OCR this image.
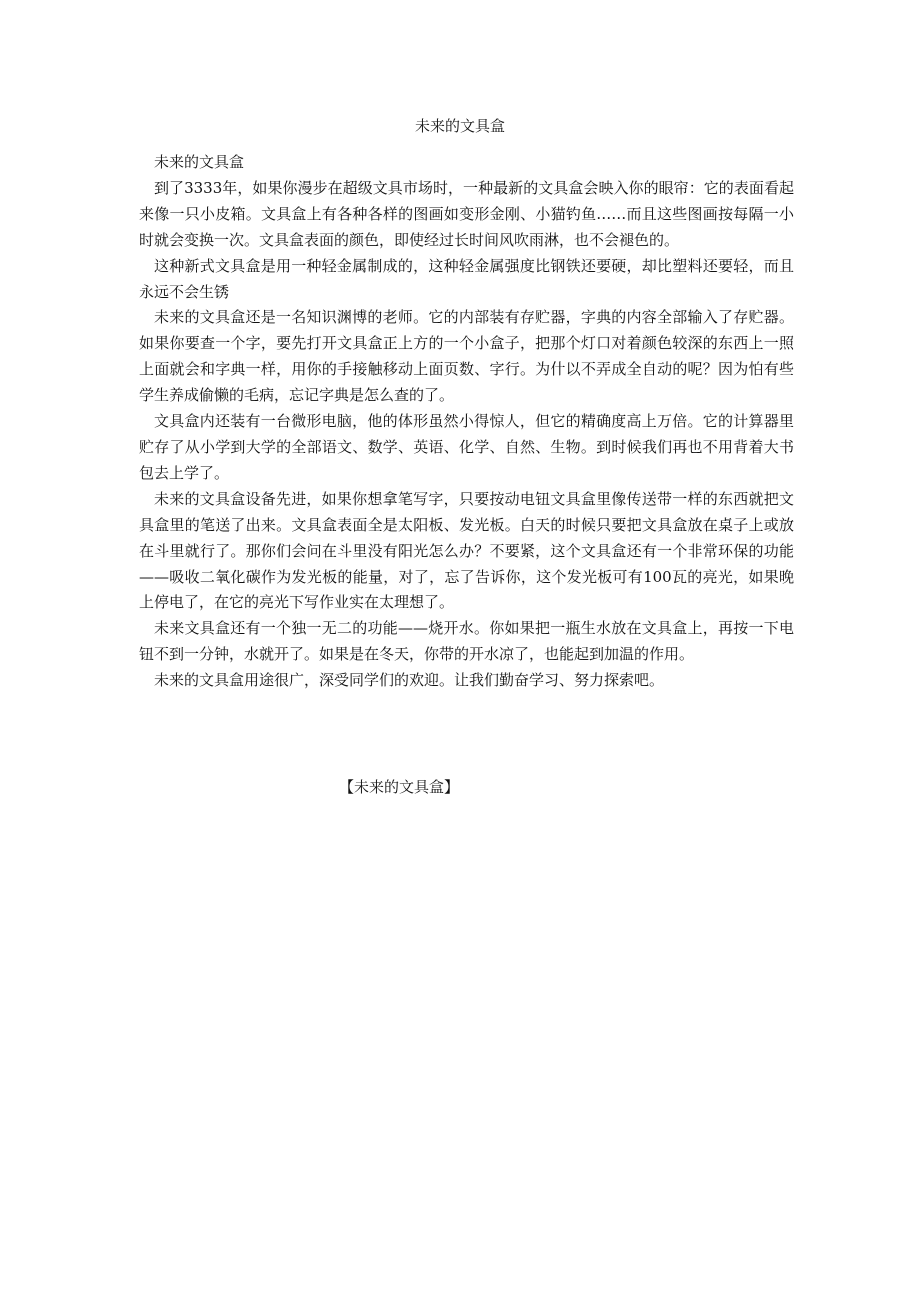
未来的文具盒

未来的文具盒

到了3333年，如果你漫步在超级文具市场时，一种最新的文具盒会映入你的眼帘：它的表面看起来像一只小皮箱。文具盒上有各种各样的图画如变形金刚、小猫钓鱼……而且这些图画按每隔一小时就会变换一次。文具盒表面的颜色，即使经过长时间风吹雨淋，也不会褪色的。

这种新式文具盒是用一种轻金属制成的，这种轻金属强度比钢铁还要硬，却比塑料还要轻，而且永远不会生锈

未来的文具盒还是一名知识渊博的老师。它的内部装有存贮器，字典的内容全部输入了存贮器。如果你要查一个字，要先打开文具盒正上方的一个小盒子，把那个灯口对着颜色较深的东西上一照上面就会和字典一样，用你的手接触移动上面页数、字行。为什以不弄成全自动的呢？因为怕有些学生养成偷懒的毛病，忘记字典是怎么查的了。

文具盒内还装有一台微形电脑，他的体形虽然小得惊人，但它的精确度高上万倍。它的计算器里贮存了从小学到大学的全部语文、数学、英语、化学、自然、生物。到时候我们再也不用背着大书包去上学了。

未来的文具盒设备先进，如果你想拿笔写字，只要按动电钮文具盒里像传送带一样的东西就把文具盒里的笔送了出来。文具盒表面全是太阳板、发光板。白天的时候只要把文具盒放在桌子上或放在斗里就行了。那你们会问在斗里没有阳光怎么办？不要紧，这个文具盒还有一个非常环保的功能——吸收二氧化碳作为发光板的能量，对了，忘了告诉你，这个发光板可有100瓦的亮光，如果晚上停电了，在它的亮光下写作业实在太理想了。

未来文具盒还有一个独一无二的功能——烧开水。你如果把一瓶生水放在文具盒上，再按一下电钮不到一分钟，水就开了。如果是在冬天，你带的开水凉了，也能起到加温的作用。

未来的文具盒用途很广，深受同学们的欢迎。让我们勤奋学习、努力探索吧。

【未来的文具盒】
